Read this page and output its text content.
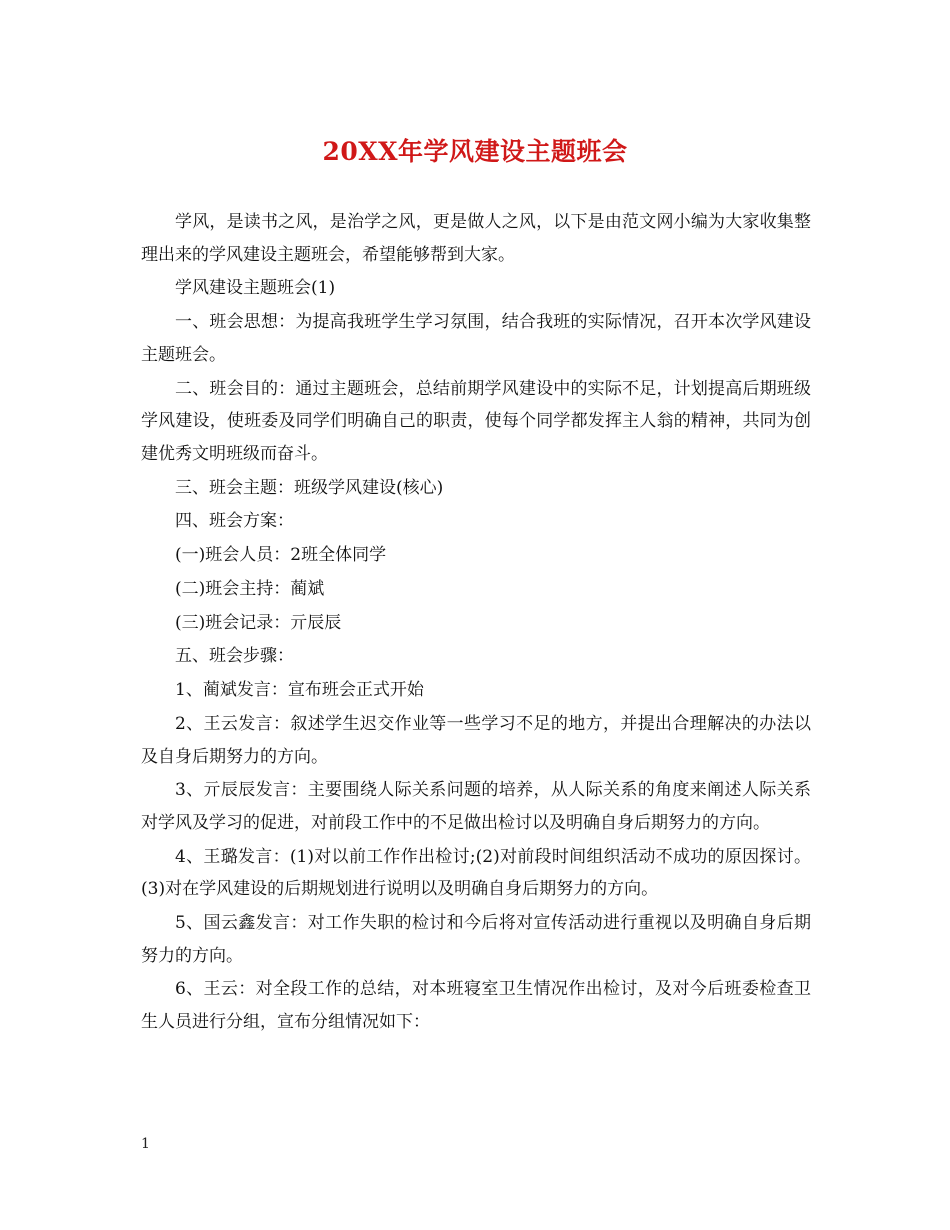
20XX年学风建设主题班会

学风，是读书之风，是治学之风，更是做人之风，以下是由范文网小编为大家收集整理出来的学风建设主题班会，希望能够帮到大家。

学风建设主题班会(1)

一、班会思想：为提高我班学生学习氛围，结合我班的实际情况，召开本次学风建设主题班会。

二、班会目的：通过主题班会，总结前期学风建设中的实际不足，计划提高后期班级学风建设，使班委及同学们明确自己的职责，使每个同学都发挥主人翁的精神，共同为创建优秀文明班级而奋斗。

三、班会主题：班级学风建设(核心)

四、班会方案：

(一)班会人员：2班全体同学

(二)班会主持：蔺斌

(三)班会记录：亓辰辰

五、班会步骤：

1、蔺斌发言：宣布班会正式开始

2、王云发言：叙述学生迟交作业等一些学习不足的地方，并提出合理解决的办法以及自身后期努力的方向。

3、亓辰辰发言：主要围绕人际关系问题的培养，从人际关系的角度来阐述人际关系对学风及学习的促进，对前段工作中的不足做出检讨以及明确自身后期努力的方向。

4、王璐发言：(1)对以前工作作出检讨;(2)对前段时间组织活动不成功的原因探讨。(3)对在学风建设的后期规划进行说明以及明确自身后期努力的方向。

5、国云鑫发言：对工作失职的检讨和今后将对宣传活动进行重视以及明确自身后期努力的方向。

6、王云：对全段工作的总结，对本班寝室卫生情况作出检讨，及对今后班委检查卫生人员进行分组，宣布分组情况如下：

1
